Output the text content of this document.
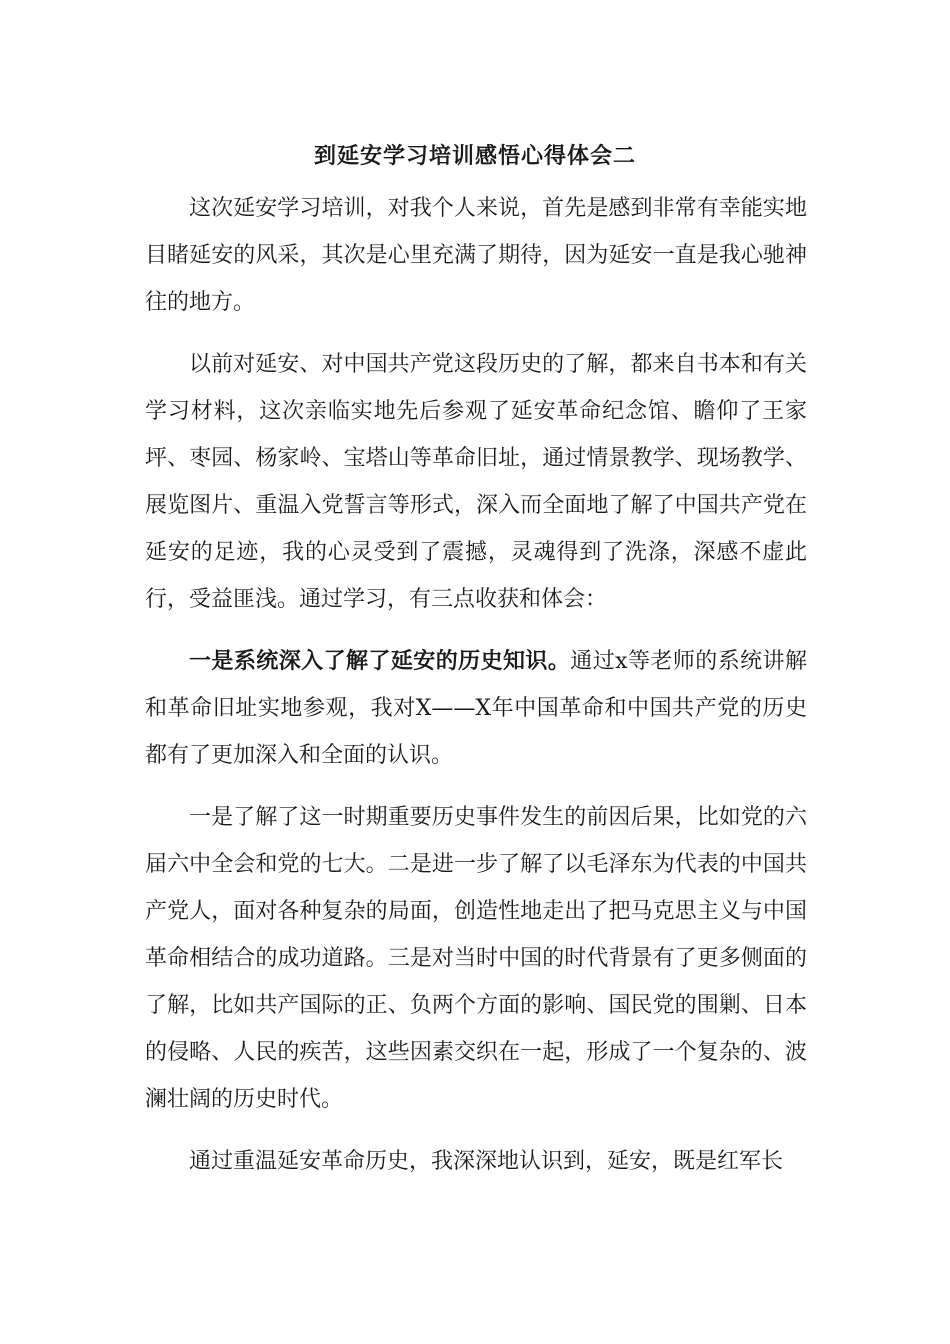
到延安学习培训感悟心得体会二

这次延安学习培训，对我个人来说，首先是感到非常有幸能实地目睹延安的风采，其次是心里充满了期待，因为延安一直是我心驰神往的地方。

以前对延安、对中国共产党这段历史的了解，都来自书本和有关学习材料，这次亲临实地先后参观了延安革命纪念馆、瞻仰了王家坪、枣园、杨家岭、宝塔山等革命旧址，通过情景教学、现场教学、展览图片、重温入党誓言等形式，深入而全面地了解了中国共产党在延安的足迹，我的心灵受到了震撼，灵魂得到了洗涤，深感不虚此行，受益匪浅。通过学习，有三点收获和体会：

一是系统深入了解了延安的历史知识。通过x等老师的系统讲解和革命旧址实地参观，我对X——X年中国革命和中国共产党的历史都有了更加深入和全面的认识。

一是了解了这一时期重要历史事件发生的前因后果，比如党的六届六中全会和党的七大。二是进一步了解了以毛泽东为代表的中国共产党人，面对各种复杂的局面，创造性地走出了把马克思主义与中国革命相结合的成功道路。三是对当时中国的时代背景有了更多侧面的了解，比如共产国际的正、负两个方面的影响、国民党的围剿、日本的侵略、人民的疾苦，这些因素交织在一起，形成了一个复杂的、波澜壮阔的历史时代。

通过重温延安革命历史，我深深地认识到，延安，既是红军长
